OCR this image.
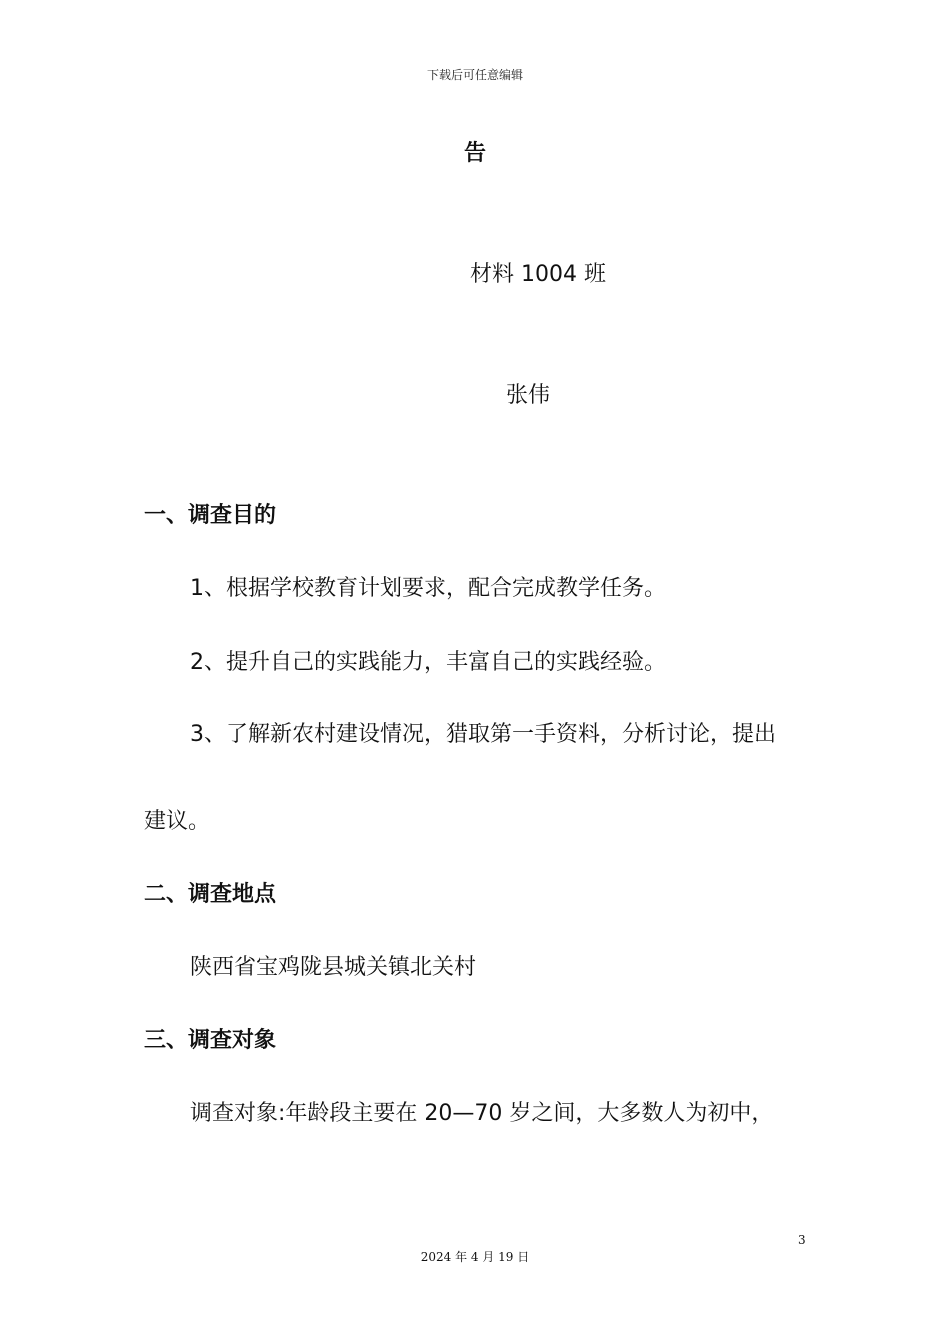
下载后可任意编辑
告
材料 1004 班
张伟
一、调查目的
1、根据学校教育计划要求，配合完成教学任务。
2、提升自己的实践能力，丰富自己的实践经验。
3、了解新农村建设情况，猎取第一手资料，分析讨论，提出
建议。
二、调查地点
陕西省宝鸡陇县城关镇北关村
三、调查对象
调查对象:年龄段主要在 20—70 岁之间，大多数人为初中，
3
2024 年 4 月 19 日
